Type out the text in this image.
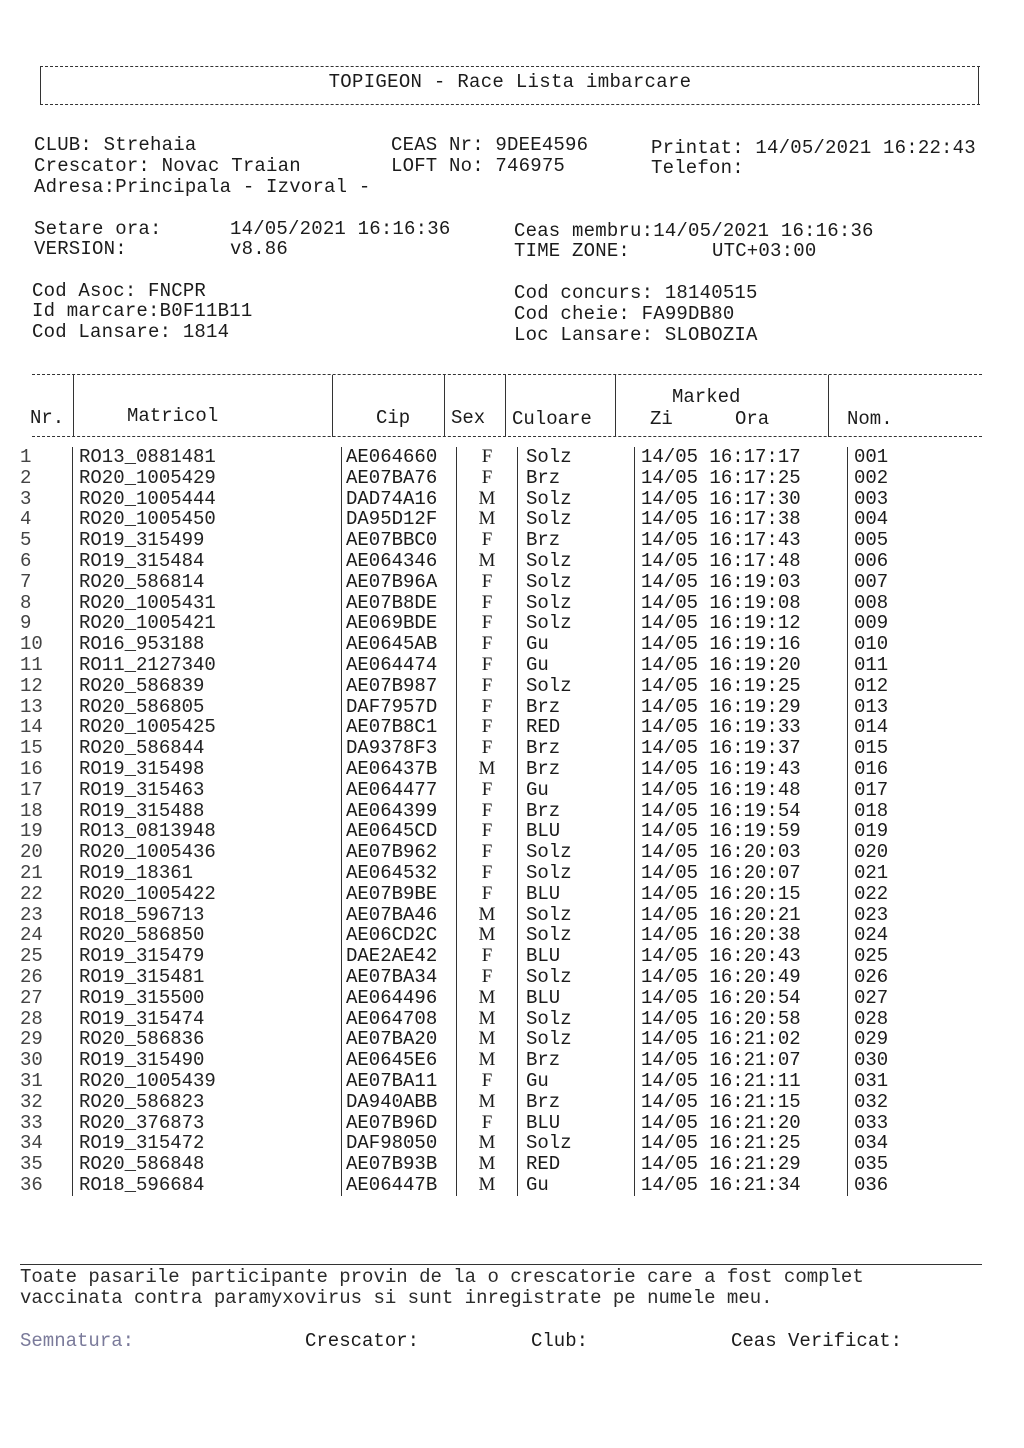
TOPIGEON - Race Lista imbarcare
CLUB: Strehaia
Crescator: Novac Traian
Adresa:Principala - Izvoral -
CEAS Nr: 9DEE4596
LOFT No: 746975
Printat: 14/05/2021 16:22:43
Telefon:
Setare ora:	14/05/2021 16:16:36
VERSION:	v8.86
Ceas membru:14/05/2021 16:16:36
TIME ZONE:	UTC+03:00
Cod Asoc: FNCPR
Id marcare:B0F11B11
Cod Lansare: 1814
Cod concurs: 18140515
Cod cheie: FA99DB80
Loc Lansare: SLOBOZIA
Nr.	Matricol	Cip Sex Culoare
Marked
Zi	Ora	Nom.
1	RO13_0881481	AE064660	F	Solz	14/05 16:17:17	001
2	RO20_1005429	AE07BA76	F	Brz	14/05 16:17:25	002
3	RO20_1005444	DAD74A16	M	Solz	14/05 16:17:30	003
4	RO20_1005450	DA95D12F	M	Solz	14/05 16:17:38	004
5	RO19_315499	AE07BBC0	F	Brz	14/05 16:17:43	005
6	RO19_315484	AE064346	M	Solz	14/05 16:17:48	006
7	RO20_586814	AE07B96A	F	Solz	14/05 16:19:03	007
8	RO20_1005431	AE07B8DE	F	Solz	14/05 16:19:08	008
9	RO20_1005421	AE069BDE	F	Solz	14/05 16:19:12	009
10	RO16_953188	AE0645AB	F	Gu	14/05 16:19:16	010
11	RO11_2127340	AE064474	F	Gu	14/05 16:19:20	011
12	RO20_586839	AE07B987	F	Solz	14/05 16:19:25	012
13	RO20_586805	DAF7957D	F	Brz	14/05 16:19:29	013
14	RO20_1005425	AE07B8C1	F	RED	14/05 16:19:33	014
15	RO20_586844	DA9378F3	F	Brz	14/05 16:19:37	015
16	RO19_315498	AE06437B	M	Brz	14/05 16:19:43	016
17	RO19_315463	AE064477	F	Gu	14/05 16:19:48	017
18	RO19_315488	AE064399	F	Brz	14/05 16:19:54	018
19	RO13_0813948	AE0645CD	F	BLU	14/05 16:19:59	019
20	RO20_1005436	AE07B962	F	Solz	14/05 16:20:03	020
21	RO19_18361	AE064532	F	Solz	14/05 16:20:07	021
22	RO20_1005422	AE07B9BE	F	BLU	14/05 16:20:15	022
23	RO18_596713	AE07BA46	M	Solz	14/05 16:20:21	023
24	RO20_586850	AE06CD2C	M	Solz	14/05 16:20:38	024
25	RO19_315479	DAE2AE42	F	BLU	14/05 16:20:43	025
26	RO19_315481	AE07BA34	F	Solz	14/05 16:20:49	026
27	RO19_315500	AE064496	M	BLU	14/05 16:20:54	027
28	RO19_315474	AE064708	M	Solz	14/05 16:20:58	028
29	RO20_586836	AE07BA20	M	Solz	14/05 16:21:02	029
30	RO19_315490	AE0645E6	M	Brz	14/05 16:21:07	030
31	RO20_1005439	AE07BA11	F	Gu	14/05 16:21:11	031
32	RO20_586823	DA940ABB	M	Brz	14/05 16:21:15	032
33	RO20_376873	AE07B96D	F	BLU	14/05 16:21:20	033
34	RO19_315472	DAF98050	M	Solz	14/05 16:21:25	034
35	RO20_586848	AE07B93B	M	RED	14/05 16:21:29	035
36	RO18_596684	AE06447B	M	Gu	14/05 16:21:34	036
Toate pasarile participante provin de la o crescatorie care a fost complet
vaccinata contra paramyxovirus si sunt inregistrate pe numele meu.
Semnatura:	Crescator:	Club:	Ceas Verificat:
